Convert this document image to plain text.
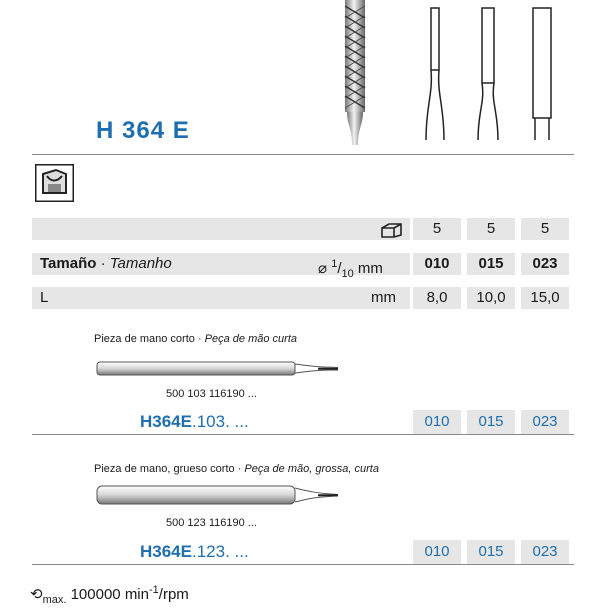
H 364 E
5	5	5
Tamaño · Tamanho	⌀ $^1/_{10}$ mm	010	015	023
L	mm	8,0	10,0	15,0
Pieza de mano corto · Peça de mão curta
500 103 116190 ...
H364E.103. ...	010	015	023
Pieza de mano, grueso corto · Peça de mão, grossa, curta
500 123 116190 ...
H364E.123. ...	010	015	023
$⟲_{max.}$ 100000 $\min^{-1}$/rpm
